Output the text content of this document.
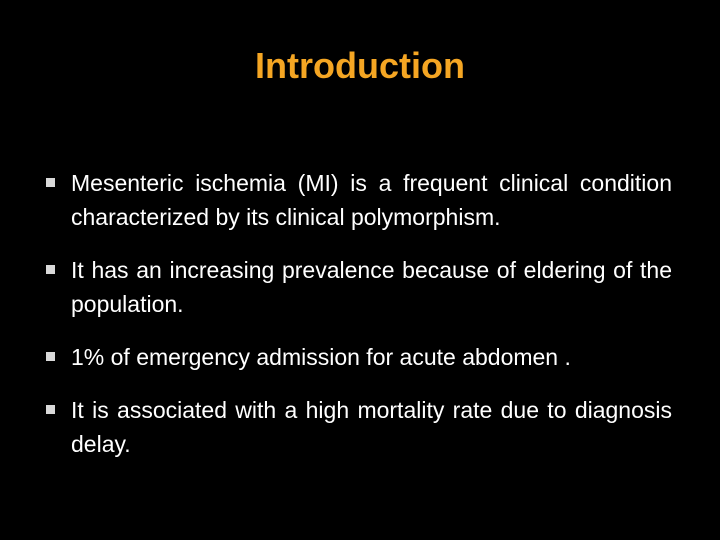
Introduction
Mesenteric ischemia (MI) is a frequent clinical condition characterized by its clinical polymorphism.
It has an increasing prevalence because of eldering of the population.
1% of emergency admission for acute abdomen .
It is associated with a high mortality rate due to diagnosis delay.
